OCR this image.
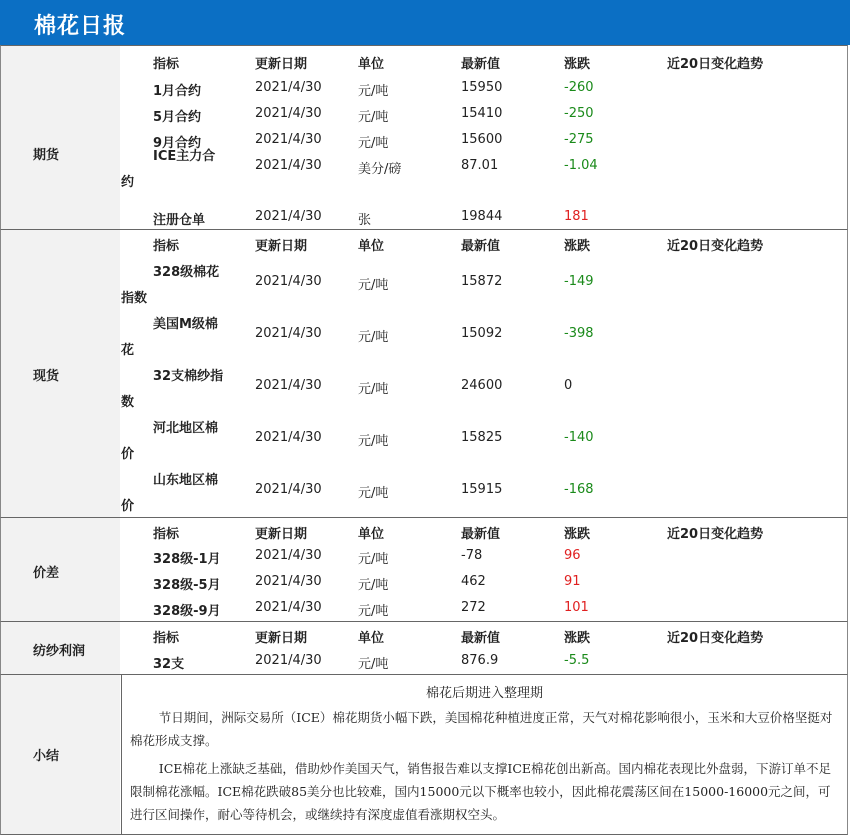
棉花日报
期货
指标	更新日期	单位	最新值	涨跌	近20日变化趋势
1月合约	2021/4/30	元/吨	15950	-260
5月合约	2021/4/30	元/吨	15410	-250
9月合约	2021/4/30	元/吨	15600	-275
ICE主力合
约
2021/4/30	美分/磅	87.01	-1.04
注册仓单	2021/4/30	张	19844	181
现货
指标	更新日期	单位	最新值	涨跌	近20日变化趋势
328级棉花
指数
2021/4/30	元/吨	15872	-149
美国M级棉
花
2021/4/30	元/吨	15092	-398
32支棉纱指
数
2021/4/30	元/吨	24600	0
河北地区棉
价
2021/4/30	元/吨	15825	-140
山东地区棉
价
2021/4/30	元/吨	15915	-168
价差
指标	更新日期	单位	最新值	涨跌	近20日变化趋势
328级-1月	2021/4/30	元/吨	-78	96
328级-5月	2021/4/30	元/吨	462	91
328级-9月	2021/4/30	元/吨	272	101
纺纱利润
指标	更新日期	单位	最新值	涨跌	近20日变化趋势
32支	2021/4/30	元/吨	876.9	-5.5
小结
棉花后期进入整理期

节日期间，洲际交易所（ICE）棉花期货小幅下跌，美国棉花种植进度正常，天气对棉花影响很小，玉米和大豆价格坚挺对棉花形成支撑。

ICE棉花上涨缺乏基础，借助炒作美国天气，销售报告难以支撑ICE棉花创出新高。国内棉花表现比外盘弱，下游订单不足限制棉花涨幅。ICE棉花跌破85美分也比较难，国内15000元以下概率也较小，因此棉花震荡区间在15000-16000元之间，可进行区间操作，耐心等待机会，或继续持有深度虚值看涨期权空头。
